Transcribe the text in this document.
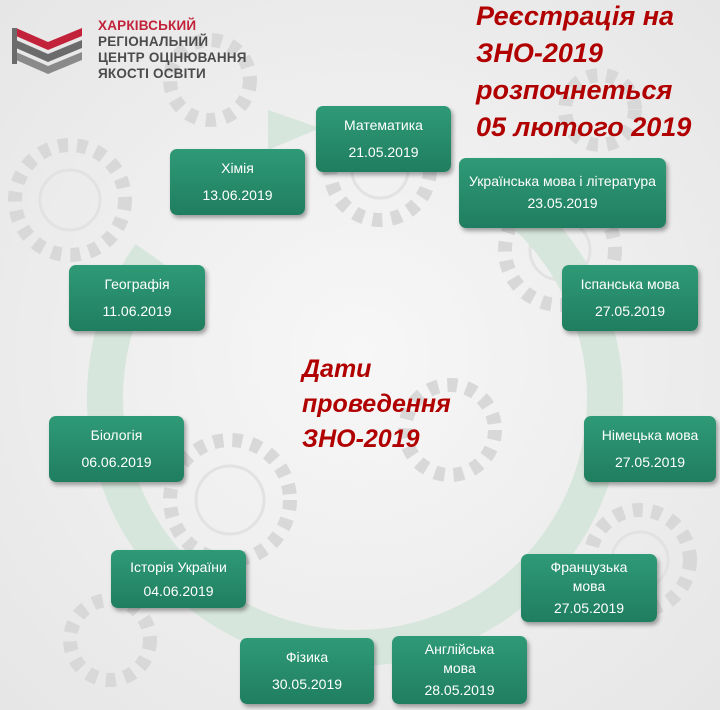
ХАРКІВСЬКИЙ
РЕГІОНАЛЬНИЙ
ЦЕНТР ОЦІНЮВАННЯ
ЯКОСТІ ОСВІТИ
Реєстрація на
ЗНО-2019
розпочнеться
05 лютого 2019
Дати
проведення
ЗНО-2019
Математика
21.05.2019
Українська мова і література
23.05.2019
Іспанська мова
27.05.2019
Німецька мова
27.05.2019
Французька мова
27.05.2019
Англійська мова
28.05.2019
Фізика
30.05.2019
Історія України
04.06.2019
Біологія
06.06.2019
Географія
11.06.2019
Хімія
13.06.2019
